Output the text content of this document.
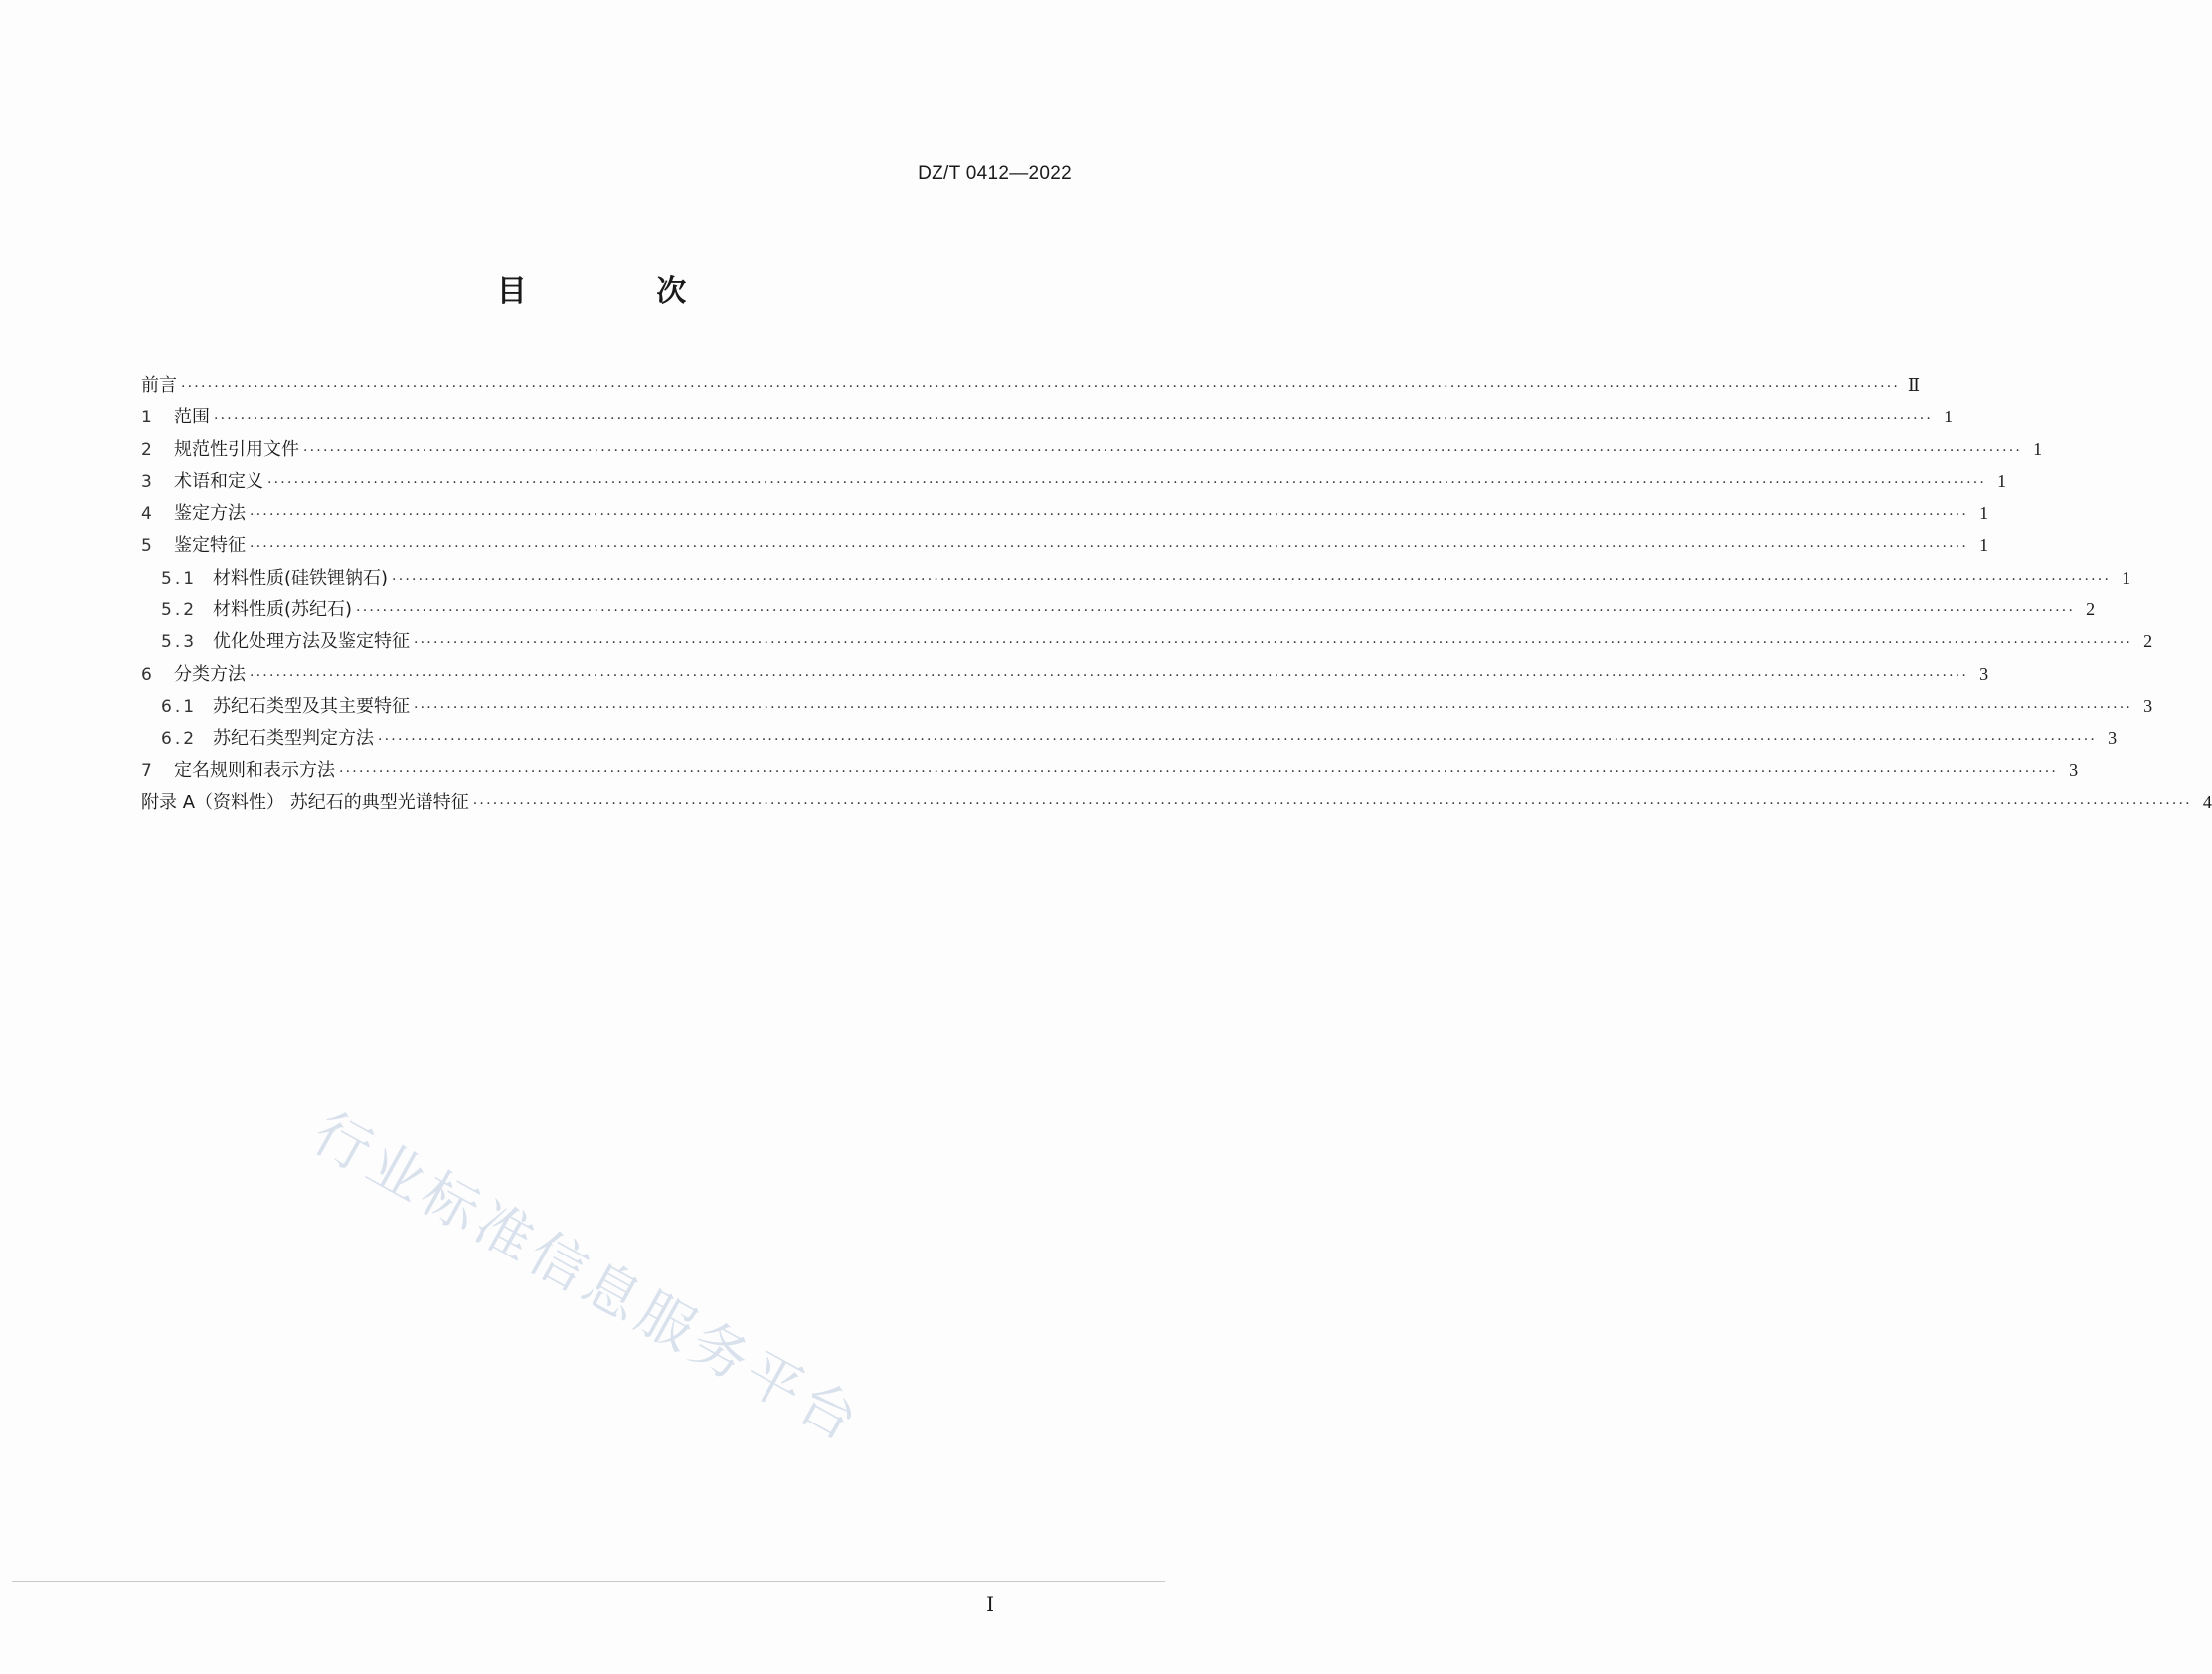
DZ/T 0412—2022
目 次
前言 ···································································································································································································································································· Ⅱ
1	范围 ···································································································································································································································································· 1
2	规范性引用文件 ···································································································································································································································································· 1
3	术语和定义 ···································································································································································································································································· 1
4	鉴定方法 ···································································································································································································································································· 1
5	鉴定特征 ···································································································································································································································································· 1
5.1 材料性质(硅铁锂钠石) ···································································································································································································································································· 1
5.2 材料性质(苏纪石) ···································································································································································································································································· 2
5.3 优化处理方法及鉴定特征 ···································································································································································································································································· 2
6	分类方法 ···································································································································································································································································· 3
6.1 苏纪石类型及其主要特征 ···································································································································································································································································· 3
6.2 苏纪石类型判定方法 ···································································································································································································································································· 3
7	定名规则和表示方法 ···································································································································································································································································· 3
附录 A（资料性） 苏纪石的典型光谱特征 ···································································································································································································································································· 4
行业标准信息服务平台
Ⅰ
